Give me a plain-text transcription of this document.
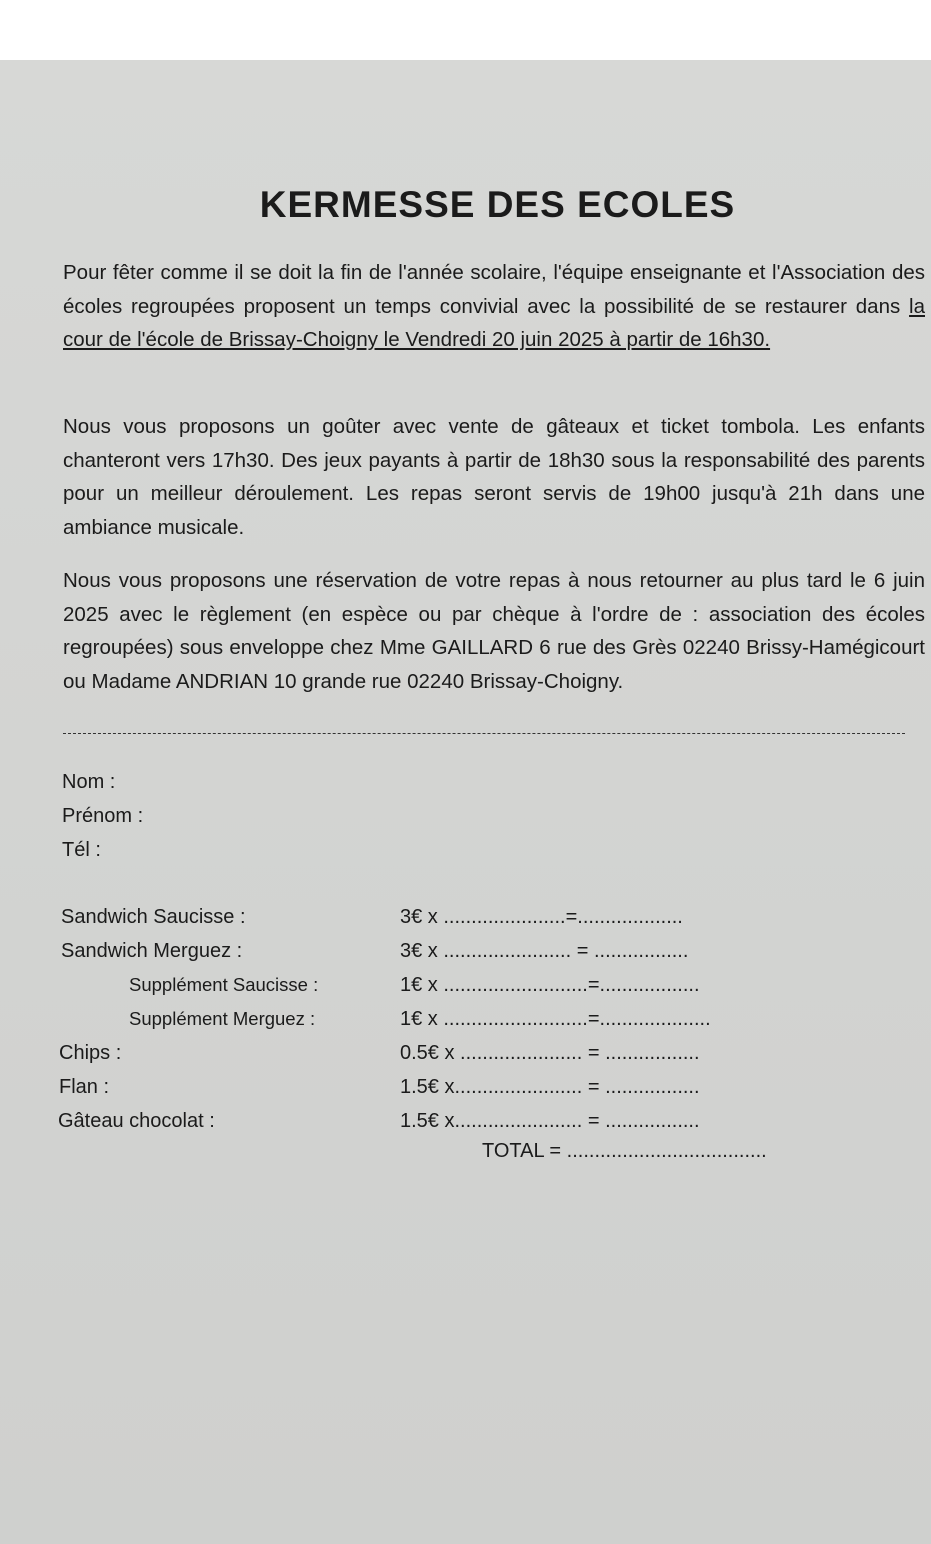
KERMESSE DES ECOLES
Pour fêter comme il se doit la fin de l'année scolaire, l'équipe enseignante et l'Association des écoles regroupées proposent un temps convivial avec la possibilité de se restaurer dans la cour de l'école de Brissay-Choigny le Vendredi 20 juin 2025 à partir de 16h30.
Nous vous proposons un goûter avec vente de gâteaux et ticket tombola. Les enfants chanteront vers 17h30. Des jeux payants à partir de 18h30 sous la responsabilité des parents pour un meilleur déroulement. Les repas seront servis de 19h00 jusqu'à 21h dans une ambiance musicale.
Nous vous proposons une réservation de votre repas à nous retourner au plus tard le 6 juin 2025 avec le règlement (en espèce ou par chèque à l'ordre de : association des écoles regroupées) sous enveloppe chez Mme GAILLARD 6 rue des Grès 02240 Brissy-Hamégicourt ou Madame ANDRIAN 10 grande rue 02240 Brissay-Choigny.
Nom :
Prénom :
Tél :
Sandwich Saucisse :	3€ x ......................=...................
Sandwich Merguez :	3€ x ....................... = .................
Supplément Saucisse :	1€ x ..........................=..................
Supplément Merguez :	1€ x ..........................=....................
Chips :	0.5€ x ...................... = .................
Flan :	1.5€ x....................... = .................
Gâteau chocolat :	1.5€ x....................... = .................
TOTAL = ....................................
